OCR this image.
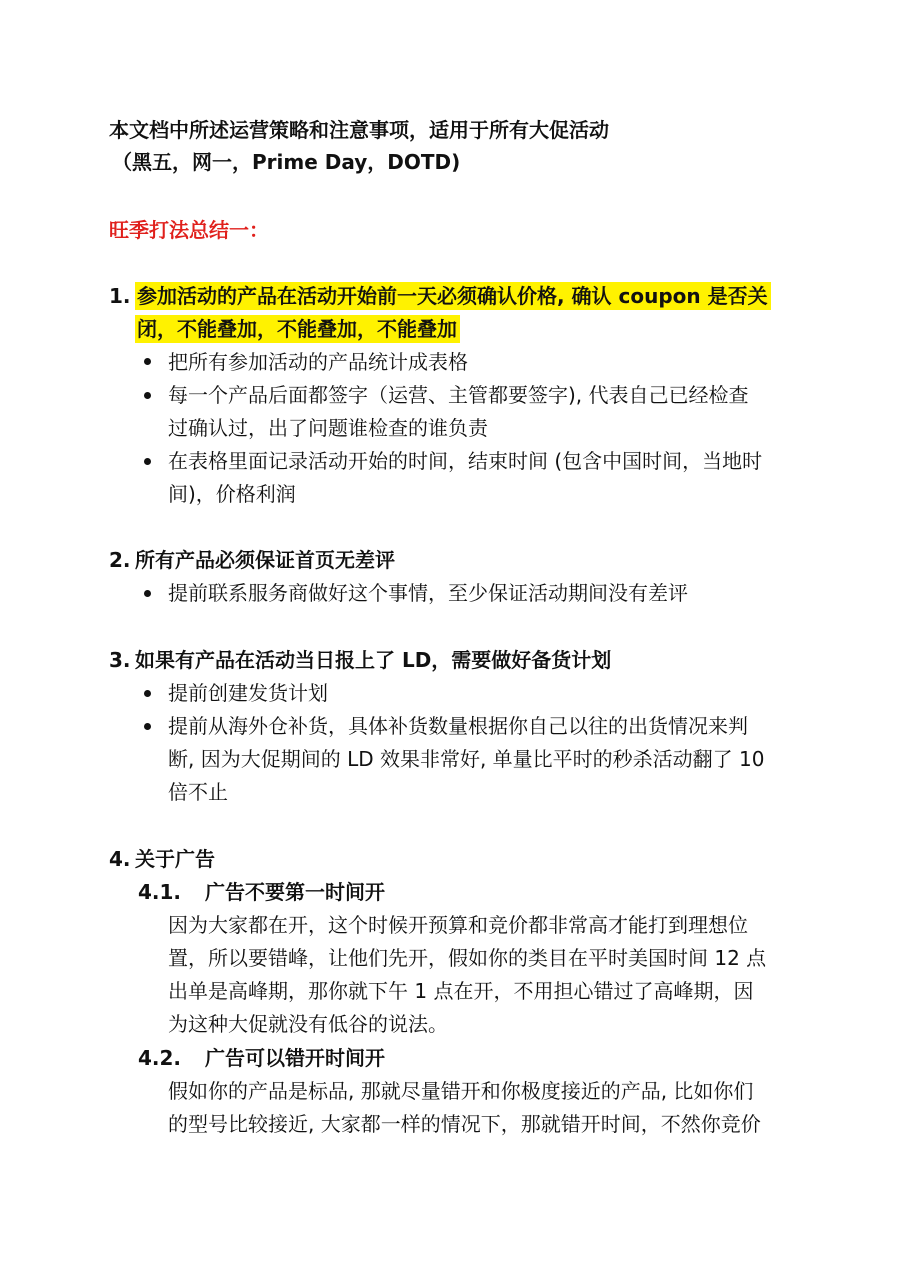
本文档中所述运营策略和注意事项，适用于所有大促活动
（黑五，网一，Prime Day，DOTD)
旺季打法总结一：
1. 参加活动的产品在活动开始前一天必须确认价格, 确认 coupon 是否关
闭，不能叠加，不能叠加，不能叠加
把所有参加活动的产品统计成表格
每一个产品后面都签字（运营、主管都要签字), 代表自己已经检查
过确认过，出了问题谁检查的谁负责
在表格里面记录活动开始的时间，结束时间 (包含中国时间，当地时
间)，价格利润
2. 所有产品必须保证首页无差评
提前联系服务商做好这个事情，至少保证活动期间没有差评
3. 如果有产品在活动当日报上了 LD，需要做好备货计划
提前创建发货计划
提前从海外仓补货，具体补货数量根据你自己以往的出货情况来判
断, 因为大促期间的 LD 效果非常好, 单量比平时的秒杀活动翻了 10
倍不止
4. 关于广告
4.1. 广告不要第一时间开
因为大家都在开，这个时候开预算和竞价都非常高才能打到理想位
置，所以要错峰，让他们先开，假如你的类目在平时美国时间 12 点
出单是高峰期，那你就下午 1 点在开，不用担心错过了高峰期，因
为这种大促就没有低谷的说法。
4.2. 广告可以错开时间开
假如你的产品是标品, 那就尽量错开和你极度接近的产品, 比如你们
的型号比较接近, 大家都一样的情况下，那就错开时间，不然你竞价
